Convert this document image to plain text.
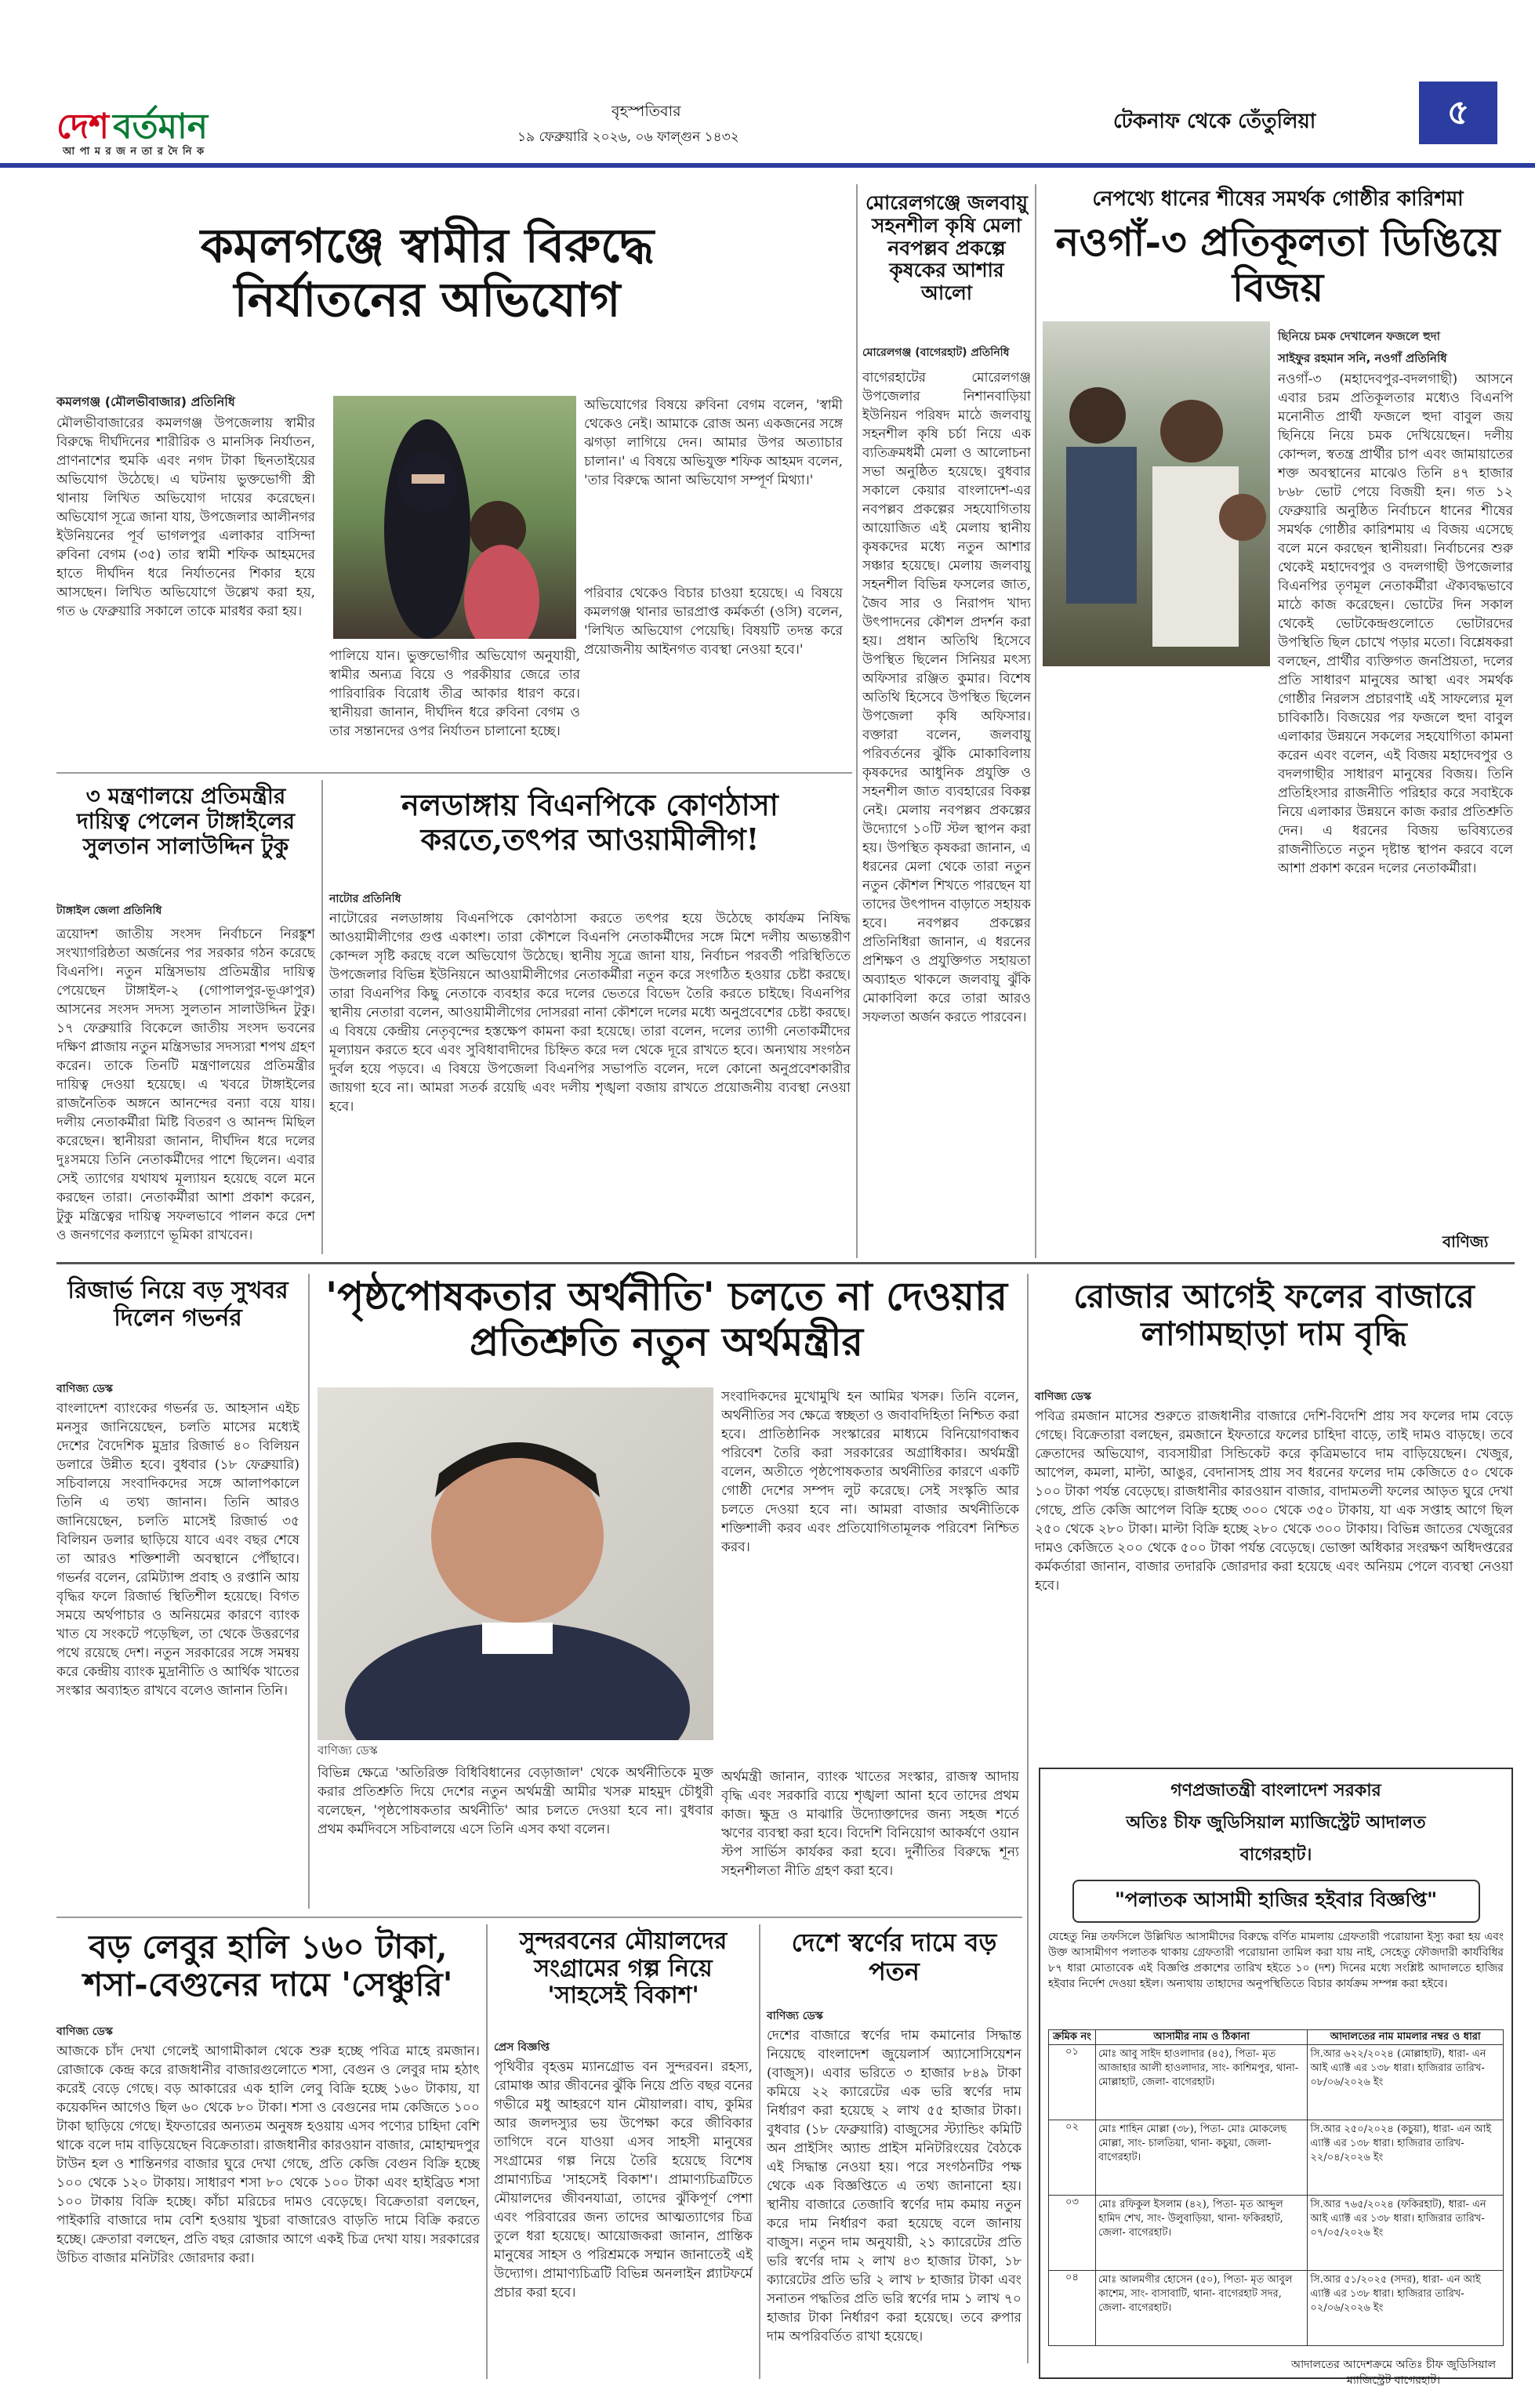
দেশ বর্তমান
আ পা ম র জ ন তা র দৈ নি ক
বৃহস্পতিবার
১৯ ফেব্রুয়ারি ২০২৬, ০৬ ফাল্গুন ১৪৩২
টেকনাফ থেকে তেঁতুলিয়া	৫
কমলগঞ্জে স্বামীর বিরুদ্ধে নির্যাতনের অভিযোগ
কমলগঞ্জ (মৌলভীবাজার) প্রতিনিধি
মৌলভীবাজারের কমলগঞ্জ উপজেলায় স্বামীর বিরুদ্ধে দীর্ঘদিনের শারীরিক ও মানসিক নির্যাতন, প্রাণনাশের হুমকি এবং নগদ টাকা ছিনতাইয়ের অভিযোগ উঠেছে। এ ঘটনায় ভুক্তভোগী স্ত্রী থানায় লিখিত অভিযোগ দায়ের করেছেন। অভিযোগ সূত্রে জানা যায়, উপজেলার আলীনগর ইউনিয়নের পূর্ব ভাগলপুর এলাকার বাসিন্দা রুবিনা বেগম (৩৫) তার স্বামী শফিক আহমদের হাতে দীর্ঘদিন ধরে নির্যাতনের শিকার হয়ে আসছেন। লিখিত অভিযোগে উল্লেখ করা হয়, গত ৬ ফেব্রুয়ারি সকালে তাকে মারধর করা হয়।
অভিযোগের বিষয়ে রুবিনা বেগম বলেন, 'স্বামী থেকেও নেই। আমাকে রোজ অন্য একজনের সঙ্গে ঝগড়া লাগিয়ে দেন। আমার উপর অত্যাচার চালান।' এ বিষয়ে অভিযুক্ত শফিক আহমদ বলেন, 'তার বিরুদ্ধে আনা অভিযোগ সম্পূর্ণ মিথ্যা।'
পালিয়ে যান। ভুক্তভোগীর অভিযোগ অনুযায়ী, স্বামীর অন্যত্র বিয়ে ও পরকীয়ার জেরে তার পারিবারিক বিরোধ তীব্র আকার ধারণ করে। স্থানীয়রা জানান, দীর্ঘদিন ধরে রুবিনা বেগম ও তার সন্তানদের ওপর নির্যাতন চালানো হচ্ছে।
পরিবার থেকেও বিচার চাওয়া হয়েছে। এ বিষয়ে কমলগঞ্জ থানার ভারপ্রাপ্ত কর্মকর্তা (ওসি) বলেন, 'লিখিত অভিযোগ পেয়েছি। বিষয়টি তদন্ত করে প্রয়োজনীয় আইনগত ব্যবস্থা নেওয়া হবে।'
মোরেলগঞ্জে জলবায়ু সহনশীল কৃষি মেলা নবপল্লব প্রকল্পে কৃষকের আশার আলো
মোরেলগঞ্জ (বাগেরহাট) প্রতিনিধি
বাগেরহাটের মোরেলগঞ্জ উপজেলার নিশানবাড়িয়া ইউনিয়ন পরিষদ মাঠে জলবায়ু সহনশীল কৃষি চর্চা নিয়ে এক ব্যতিক্রমধর্মী মেলা ও আলোচনা সভা অনুষ্ঠিত হয়েছে। বুধবার সকালে কেয়ার বাংলাদেশ-এর নবপল্লব প্রকল্পের সহযোগিতায় আয়োজিত এই মেলায় স্থানীয় কৃষকদের মধ্যে নতুন আশার সঞ্চার হয়েছে। মেলায় জলবায়ু সহনশীল বিভিন্ন ফসলের জাত, জৈব সার ও নিরাপদ খাদ্য উৎপাদনের কৌশল প্রদর্শন করা হয়। প্রধান অতিথি হিসেবে উপস্থিত ছিলেন সিনিয়র মৎস্য অফিসার রঞ্জিত কুমার। বিশেষ অতিথি হিসেবে উপস্থিত ছিলেন উপজেলা কৃষি অফিসার। বক্তারা বলেন, জলবায়ু পরিবর্তনের ঝুঁকি মোকাবিলায় কৃষকদের আধুনিক প্রযুক্তি ও সহনশীল জাত ব্যবহারের বিকল্প নেই। মেলায় নবপল্লব প্রকল্পের উদ্যোগে ১০টি স্টল স্থাপন করা হয়। উপস্থিত কৃষকরা জানান, এ ধরনের মেলা থেকে তারা নতুন নতুন কৌশল শিখতে পারছেন যা তাদের উৎপাদন বাড়াতে সহায়ক হবে। নবপল্লব প্রকল্পের প্রতিনিধিরা জানান, এ ধরনের প্রশিক্ষণ ও প্রযুক্তিগত সহায়তা অব্যাহত থাকলে জলবায়ু ঝুঁকি মোকাবিলা করে তারা আরও সফলতা অর্জন করতে পারবেন।
নেপথ্যে ধানের শীষের সমর্থক গোষ্ঠীর কারিশমা
নওগাঁ-৩ প্রতিকূলতা ডিঙিয়ে বিজয়
ছিনিয়ে চমক দেখালেন ফজলে হুদা
সাইফুর রহমান সনি, নওগাঁ প্রতিনিধি
নওগাঁ-৩ (মহাদেবপুর-বদলগাছী) আসনে এবার চরম প্রতিকূলতার মধ্যেও বিএনপি মনোনীত প্রার্থী ফজলে হুদা বাবুল জয় ছিনিয়ে নিয়ে চমক দেখিয়েছেন। দলীয় কোন্দল, স্বতন্ত্র প্রার্থীর চাপ এবং জামায়াতের শক্ত অবস্থানের মাঝেও তিনি ৪৭ হাজার ৮৬৮ ভোট পেয়ে বিজয়ী হন। গত ১২ ফেব্রুয়ারি অনুষ্ঠিত নির্বাচনে ধানের শীষের সমর্থক গোষ্ঠীর কারিশমায় এ বিজয় এসেছে বলে মনে করছেন স্থানীয়রা। নির্বাচনের শুরু থেকেই মহাদেবপুর ও বদলগাছী উপজেলার বিএনপির তৃণমূল নেতাকর্মীরা ঐক্যবদ্ধভাবে মাঠে কাজ করেছেন। ভোটের দিন সকাল থেকেই ভোটকেন্দ্রগুলোতে ভোটারদের উপস্থিতি ছিল চোখে পড়ার মতো। বিশ্লেষকরা বলছেন, প্রার্থীর ব্যক্তিগত জনপ্রিয়তা, দলের প্রতি সাধারণ মানুষের আস্থা এবং সমর্থক গোষ্ঠীর নিরলস প্রচারণাই এই সাফল্যের মূল চাবিকাঠি। বিজয়ের পর ফজলে হুদা বাবুল এলাকার উন্নয়নে সকলের সহযোগিতা কামনা করেন এবং বলেন, এই বিজয় মহাদেবপুর ও বদলগাছীর সাধারণ মানুষের বিজয়। তিনি প্রতিহিংসার রাজনীতি পরিহার করে সবাইকে নিয়ে এলাকার উন্নয়নে কাজ করার প্রতিশ্রুতি দেন। এ ধরনের বিজয় ভবিষ্যতের রাজনীতিতে নতুন দৃষ্টান্ত স্থাপন করবে বলে আশা প্রকাশ করেন দলের নেতাকর্মীরা।
বাণিজ্য
৩ মন্ত্রণালয়ে প্রতিমন্ত্রীর দায়িত্ব পেলেন টাঙ্গাইলের সুলতান সালাউদ্দিন টুকু
টাঙ্গাইল জেলা প্রতিনিধি
ত্রয়োদশ জাতীয় সংসদ নির্বাচনে নিরঙ্কুশ সংখ্যাগরিষ্ঠতা অর্জনের পর সরকার গঠন করেছে বিএনপি। নতুন মন্ত্রিসভায় প্রতিমন্ত্রীর দায়িত্ব পেয়েছেন টাঙ্গাইল-২ (গোপালপুর-ভূঞাপুর) আসনের সংসদ সদস্য সুলতান সালাউদ্দিন টুকু। ১৭ ফেব্রুয়ারি বিকেলে জাতীয় সংসদ ভবনের দক্ষিণ প্লাজায় নতুন মন্ত্রিসভার সদস্যরা শপথ গ্রহণ করেন। তাকে তিনটি মন্ত্রণালয়ের প্রতিমন্ত্রীর দায়িত্ব দেওয়া হয়েছে। এ খবরে টাঙ্গাইলের রাজনৈতিক অঙ্গনে আনন্দের বন্যা বয়ে যায়। দলীয় নেতাকর্মীরা মিষ্টি বিতরণ ও আনন্দ মিছিল করেছেন। স্থানীয়রা জানান, দীর্ঘদিন ধরে দলের দুঃসময়ে তিনি নেতাকর্মীদের পাশে ছিলেন। এবার সেই ত্যাগের যথাযথ মূল্যায়ন হয়েছে বলে মনে করছেন তারা। নেতাকর্মীরা আশা প্রকাশ করেন, টুকু মন্ত্রিত্বের দায়িত্ব সফলভাবে পালন করে দেশ ও জনগণের কল্যাণে ভূমিকা রাখবেন।
নলডাঙ্গায় বিএনপিকে কোণঠাসা করতে,তৎপর আওয়ামীলীগ!
নাটোর প্রতিনিধি
নাটোরের নলডাঙ্গায় বিএনপিকে কোণঠাসা করতে তৎপর হয়ে উঠেছে কার্যক্রম নিষিদ্ধ আওয়ামীলীগের গুপ্ত একাংশ। তারা কৌশলে বিএনপি নেতাকর্মীদের সঙ্গে মিশে দলীয় অভ্যন্তরীণ কোন্দল সৃষ্টি করছে বলে অভিযোগ উঠেছে। স্থানীয় সূত্রে জানা যায়, নির্বাচন পরবর্তী পরিস্থিতিতে উপজেলার বিভিন্ন ইউনিয়নে আওয়ামীলীগের নেতাকর্মীরা নতুন করে সংগঠিত হওয়ার চেষ্টা করছে। তারা বিএনপির কিছু নেতাকে ব্যবহার করে দলের ভেতরে বিভেদ তৈরি করতে চাইছে। বিএনপির স্থানীয় নেতারা বলেন, আওয়ামীলীগের দোসররা নানা কৌশলে দলের মধ্যে অনুপ্রবেশের চেষ্টা করছে। এ বিষয়ে কেন্দ্রীয় নেতৃবৃন্দের হস্তক্ষেপ কামনা করা হয়েছে। তারা বলেন, দলের ত্যাগী নেতাকর্মীদের মূল্যায়ন করতে হবে এবং সুবিধাবাদীদের চিহ্নিত করে দল থেকে দূরে রাখতে হবে। অন্যথায় সংগঠন দুর্বল হয়ে পড়বে। এ বিষয়ে উপজেলা বিএনপির সভাপতি বলেন, দলে কোনো অনুপ্রবেশকারীর জায়গা হবে না। আমরা সতর্ক রয়েছি এবং দলীয় শৃঙ্খলা বজায় রাখতে প্রয়োজনীয় ব্যবস্থা নেওয়া হবে।
রিজার্ভ নিয়ে বড় সুখবর দিলেন গভর্নর
বাণিজ্য ডেস্ক
বাংলাদেশ ব্যাংকের গভর্নর ড. আহসান এইচ মনসুর জানিয়েছেন, চলতি মাসের মধ্যেই দেশের বৈদেশিক মুদ্রার রিজার্ভ ৪০ বিলিয়ন ডলারে উন্নীত হবে। বুধবার (১৮ ফেব্রুয়ারি) সচিবালয়ে সংবাদিকদের সঙ্গে আলাপকালে তিনি এ তথ্য জানান। তিনি আরও জানিয়েছেন, চলতি মাসেই রিজার্ভ ৩৫ বিলিয়ন ডলার ছাড়িয়ে যাবে এবং বছর শেষে তা আরও শক্তিশালী অবস্থানে পৌঁছাবে। গভর্নর বলেন, রেমিট্যান্স প্রবাহ ও রপ্তানি আয় বৃদ্ধির ফলে রিজার্ভ স্থিতিশীল হয়েছে। বিগত সময়ে অর্থপাচার ও অনিয়মের কারণে ব্যাংক খাত যে সংকটে পড়েছিল, তা থেকে উত্তরণের পথে রয়েছে দেশ। নতুন সরকারের সঙ্গে সমন্বয় করে কেন্দ্রীয় ব্যাংক মুদ্রানীতি ও আর্থিক খাতের সংস্কার অব্যাহত রাখবে বলেও জানান তিনি।
'পৃষ্ঠপোষকতার অর্থনীতি' চলতে না দেওয়ার প্রতিশ্রুতি নতুন অর্থমন্ত্রীর
বাণিজ্য ডেস্ক
সংবাদিকদের মুখোমুখি হন আমির খসরু। তিনি বলেন, অর্থনীতির সব ক্ষেত্রে স্বচ্ছতা ও জবাবদিহিতা নিশ্চিত করা হবে। প্রাতিষ্ঠানিক সংস্কারের মাধ্যমে বিনিয়োগবান্ধব পরিবেশ তৈরি করা সরকারের অগ্রাধিকার। অর্থমন্ত্রী বলেন, অতীতে পৃষ্ঠপোষকতার অর্থনীতির কারণে একটি গোষ্ঠী দেশের সম্পদ লুট করেছে। সেই সংস্কৃতি আর চলতে দেওয়া হবে না। আমরা বাজার অর্থনীতিকে শক্তিশালী করব এবং প্রতিযোগিতামূলক পরিবেশ নিশ্চিত করব।
বিভিন্ন ক্ষেত্রে 'অতিরিক্ত বিধিবিধানের বেড়াজাল' থেকে অর্থনীতিকে মুক্ত করার প্রতিশ্রুতি দিয়ে দেশের নতুন অর্থমন্ত্রী আমীর খসরু মাহমুদ চৌধুরী বলেছেন, 'পৃষ্ঠপোষকতার অর্থনীতি' আর চলতে দেওয়া হবে না। বুধবার প্রথম কর্মদিবসে সচিবালয়ে এসে তিনি এসব কথা বলেন।
অর্থমন্ত্রী জানান, ব্যাংক খাতের সংস্কার, রাজস্ব আদায় বৃদ্ধি এবং সরকারি ব্যয়ে শৃঙ্খলা আনা হবে তাদের প্রথম কাজ। ক্ষুদ্র ও মাঝারি উদ্যোক্তাদের জন্য সহজ শর্তে ঋণের ব্যবস্থা করা হবে। বিদেশি বিনিয়োগ আকর্ষণে ওয়ান স্টপ সার্ভিস কার্যকর করা হবে। দুর্নীতির বিরুদ্ধে শূন্য সহনশীলতা নীতি গ্রহণ করা হবে।
রোজার আগেই ফলের বাজারে লাগামছাড়া দাম বৃদ্ধি
বাণিজ্য ডেস্ক
পবিত্র রমজান মাসের শুরুতে রাজধানীর বাজারে দেশি-বিদেশি প্রায় সব ফলের দাম বেড়ে গেছে। বিক্রেতারা বলছেন, রমজানে ইফতারে ফলের চাহিদা বাড়ে, তাই দামও বাড়ছে। তবে ক্রেতাদের অভিযোগ, ব্যবসায়ীরা সিন্ডিকেট করে কৃত্রিমভাবে দাম বাড়িয়েছেন। খেজুর, আপেল, কমলা, মাল্টা, আঙুর, বেদানাসহ প্রায় সব ধরনের ফলের দাম কেজিতে ৫০ থেকে ১০০ টাকা পর্যন্ত বেড়েছে। রাজধানীর কারওয়ান বাজার, বাদামতলী ফলের আড়ত ঘুরে দেখা গেছে, প্রতি কেজি আপেল বিক্রি হচ্ছে ৩০০ থেকে ৩৫০ টাকায়, যা এক সপ্তাহ আগে ছিল ২৫০ থেকে ২৮০ টাকা। মাল্টা বিক্রি হচ্ছে ২৮০ থেকে ৩০০ টাকায়। বিভিন্ন জাতের খেজুরের দামও কেজিতে ২০০ থেকে ৫০০ টাকা পর্যন্ত বেড়েছে। ভোক্তা অধিকার সংরক্ষণ অধিদপ্তরের কর্মকর্তারা জানান, বাজার তদারকি জোরদার করা হয়েছে এবং অনিয়ম পেলে ব্যবস্থা নেওয়া হবে।
গণপ্রজাতন্ত্রী বাংলাদেশ সরকার
অতিঃ চীফ জুডিসিয়াল ম্যাজিস্ট্রেট আদালত
বাগেরহাট।
"পলাতক আসামী হাজির হইবার বিজ্ঞপ্তি"
যেহেতু নিম্ন তফসিলে উল্লিখিত আসামীদের বিরুদ্ধে বর্ণিত মামলায় গ্রেফতারী পরোয়ানা ইস্যু করা হয় এবং উক্ত আসামীগণ পলাতক থাকায় গ্রেফতারী পরোয়ানা তামিল করা যায় নাই, সেহেতু ফৌজদারী কার্যবিধির ৮৭ ধারা মোতাবেক এই বিজ্ঞপ্তি প্রকাশের তারিখ হইতে ১০ (দশ) দিনের মধ্যে সংশ্লিষ্ট আদালতে হাজির হইবার নির্দেশ দেওয়া হইল। অন্যথায় তাহাদের অনুপস্থিতিতে বিচার কার্যক্রম সম্পন্ন করা হইবে।
ক্রমিক নং	আসামীর নাম ও ঠিকানা	আদালতের নাম মামলার নম্বর ও ধারা
০১	মোঃ আবু সাইদ হাওলাদার (৪৫), পিতা- মৃত আজাহার আলী হাওলাদার, সাং- কাশিমপুর, থানা- মোল্লাহাট, জেলা- বাগেরহাট।	সি.আর ৬২২/২০২৪ (মোল্লাহাট), ধারা- এন আই এ্যাক্ট এর ১৩৮ ধারা। হাজিরার তারিখ- ০৮/০৬/২০২৬ ইং
০২	মোঃ শাহিন মোল্লা (৩৮), পিতা- মোঃ মোকলেছ মোল্লা, সাং- চালতিয়া, থানা- কচুয়া, জেলা- বাগেরহাট।	সি.আর ২৫০/২০২৪ (কচুয়া), ধারা- এন আই এ্যাক্ট এর ১৩৮ ধারা। হাজিরার তারিখ- ২২/০৪/২০২৬ ইং
০৩	মোঃ রফিকুল ইসলাম (৪২), পিতা- মৃত আব্দুল হামিদ শেখ, সাং- উলুবাড়িয়া, থানা- ফকিরহাট, জেলা- বাগেরহাট।	সি.আর ৭৬৫/২০২৪ (ফকিরহাট), ধারা- এন আই এ্যাক্ট এর ১৩৮ ধারা। হাজিরার তারিখ- ০৭/০৫/২০২৬ ইং
০৪	মোঃ আলমগীর হোসেন (৫০), পিতা- মৃত আবুল কাশেম, সাং- বাসাবাটি, থানা- বাগেরহাট সদর, জেলা- বাগেরহাট।	সি.আর ৫১/২০২৫ (সদর), ধারা- এন আই এ্যাক্ট এর ১৩৮ ধারা। হাজিরার তারিখ- ০২/০৬/২০২৬ ইং
আদালতের আদেশক্রমে অতিঃ চীফ জুডিসিয়াল ম্যাজিস্ট্রেট বাগেরহাট।
বড় লেবুর হালি ১৬০ টাকা, শসা-বেগুনের দামে 'সেঞ্চুরি'
বাণিজ্য ডেস্ক
আজকে চাঁদ দেখা গেলেই আগামীকাল থেকে শুরু হচ্ছে পবিত্র মাহে রমজান। রোজাকে কেন্দ্র করে রাজধানীর বাজারগুলোতে শসা, বেগুন ও লেবুর দাম হঠাৎ করেই বেড়ে গেছে। বড় আকারের এক হালি লেবু বিক্রি হচ্ছে ১৬০ টাকায়, যা কয়েকদিন আগেও ছিল ৬০ থেকে ৮০ টাকা। শসা ও বেগুনের দাম কেজিতে ১০০ টাকা ছাড়িয়ে গেছে। ইফতারের অন্যতম অনুষঙ্গ হওয়ায় এসব পণ্যের চাহিদা বেশি থাকে বলে দাম বাড়িয়েছেন বিক্রেতারা। রাজধানীর কারওয়ান বাজার, মোহাম্মদপুর টাউন হল ও শান্তিনগর বাজার ঘুরে দেখা গেছে, প্রতি কেজি বেগুন বিক্রি হচ্ছে ১০০ থেকে ১২০ টাকায়। সাধারণ শসা ৮০ থেকে ১০০ টাকা এবং হাইব্রিড শসা ১০০ টাকায় বিক্রি হচ্ছে। কাঁচা মরিচের দামও বেড়েছে। বিক্রেতারা বলছেন, পাইকারি বাজারে দাম বেশি হওয়ায় খুচরা বাজারেও বাড়তি দামে বিক্রি করতে হচ্ছে। ক্রেতারা বলছেন, প্রতি বছর রোজার আগে একই চিত্র দেখা যায়। সরকারের উচিত বাজার মনিটরিং জোরদার করা।
সুন্দরবনের মৌয়ালদের সংগ্রামের গল্প নিয়ে 'সাহসেই বিকাশ'
প্রেস বিজ্ঞপ্তি
পৃথিবীর বৃহত্তম ম্যানগ্রোভ বন সুন্দরবন। রহস্য, রোমাঞ্চ আর জীবনের ঝুঁকি নিয়ে প্রতি বছর বনের গভীরে মধু আহরণে যান মৌয়ালরা। বাঘ, কুমির আর জলদস্যুর ভয় উপেক্ষা করে জীবিকার তাগিদে বনে যাওয়া এসব সাহসী মানুষের সংগ্রামের গল্প নিয়ে তৈরি হয়েছে বিশেষ প্রামাণ্যচিত্র 'সাহসেই বিকাশ'। প্রামাণ্যচিত্রটিতে মৌয়ালদের জীবনযাত্রা, তাদের ঝুঁকিপূর্ণ পেশা এবং পরিবারের জন্য তাদের আত্মত্যাগের চিত্র তুলে ধরা হয়েছে। আয়োজকরা জানান, প্রান্তিক মানুষের সাহস ও পরিশ্রমকে সম্মান জানাতেই এই উদ্যোগ। প্রামাণ্যচিত্রটি বিভিন্ন অনলাইন প্ল্যাটফর্মে প্রচার করা হবে।
দেশে স্বর্ণের দামে বড় পতন
বাণিজ্য ডেস্ক
দেশের বাজারে স্বর্ণের দাম কমানোর সিদ্ধান্ত নিয়েছে বাংলাদেশ জুয়েলার্স অ্যাসোসিয়েশন (বাজুস)। এবার ভরিতে ৩ হাজার ৮৪৯ টাকা কমিয়ে ২২ ক্যারেটের এক ভরি স্বর্ণের দাম নির্ধারণ করা হয়েছে ২ লাখ ৫৫ হাজার টাকা। বুধবার (১৮ ফেব্রুয়ারি) বাজুসের স্ট্যান্ডিং কমিটি অন প্রাইসিং অ্যান্ড প্রাইস মনিটরিংয়ের বৈঠকে এই সিদ্ধান্ত নেওয়া হয়। পরে সংগঠনটির পক্ষ থেকে এক বিজ্ঞপ্তিতে এ তথ্য জানানো হয়। স্থানীয় বাজারে তেজাবি স্বর্ণের দাম কমায় নতুন করে দাম নির্ধারণ করা হয়েছে বলে জানায় বাজুস। নতুন দাম অনুযায়ী, ২১ ক্যারেটের প্রতি ভরি স্বর্ণের দাম ২ লাখ ৪৩ হাজার টাকা, ১৮ ক্যারেটের প্রতি ভরি ২ লাখ ৮ হাজার টাকা এবং সনাতন পদ্ধতির প্রতি ভরি স্বর্ণের দাম ১ লাখ ৭০ হাজার টাকা নির্ধারণ করা হয়েছে। তবে রুপার দাম অপরিবর্তিত রাখা হয়েছে।
